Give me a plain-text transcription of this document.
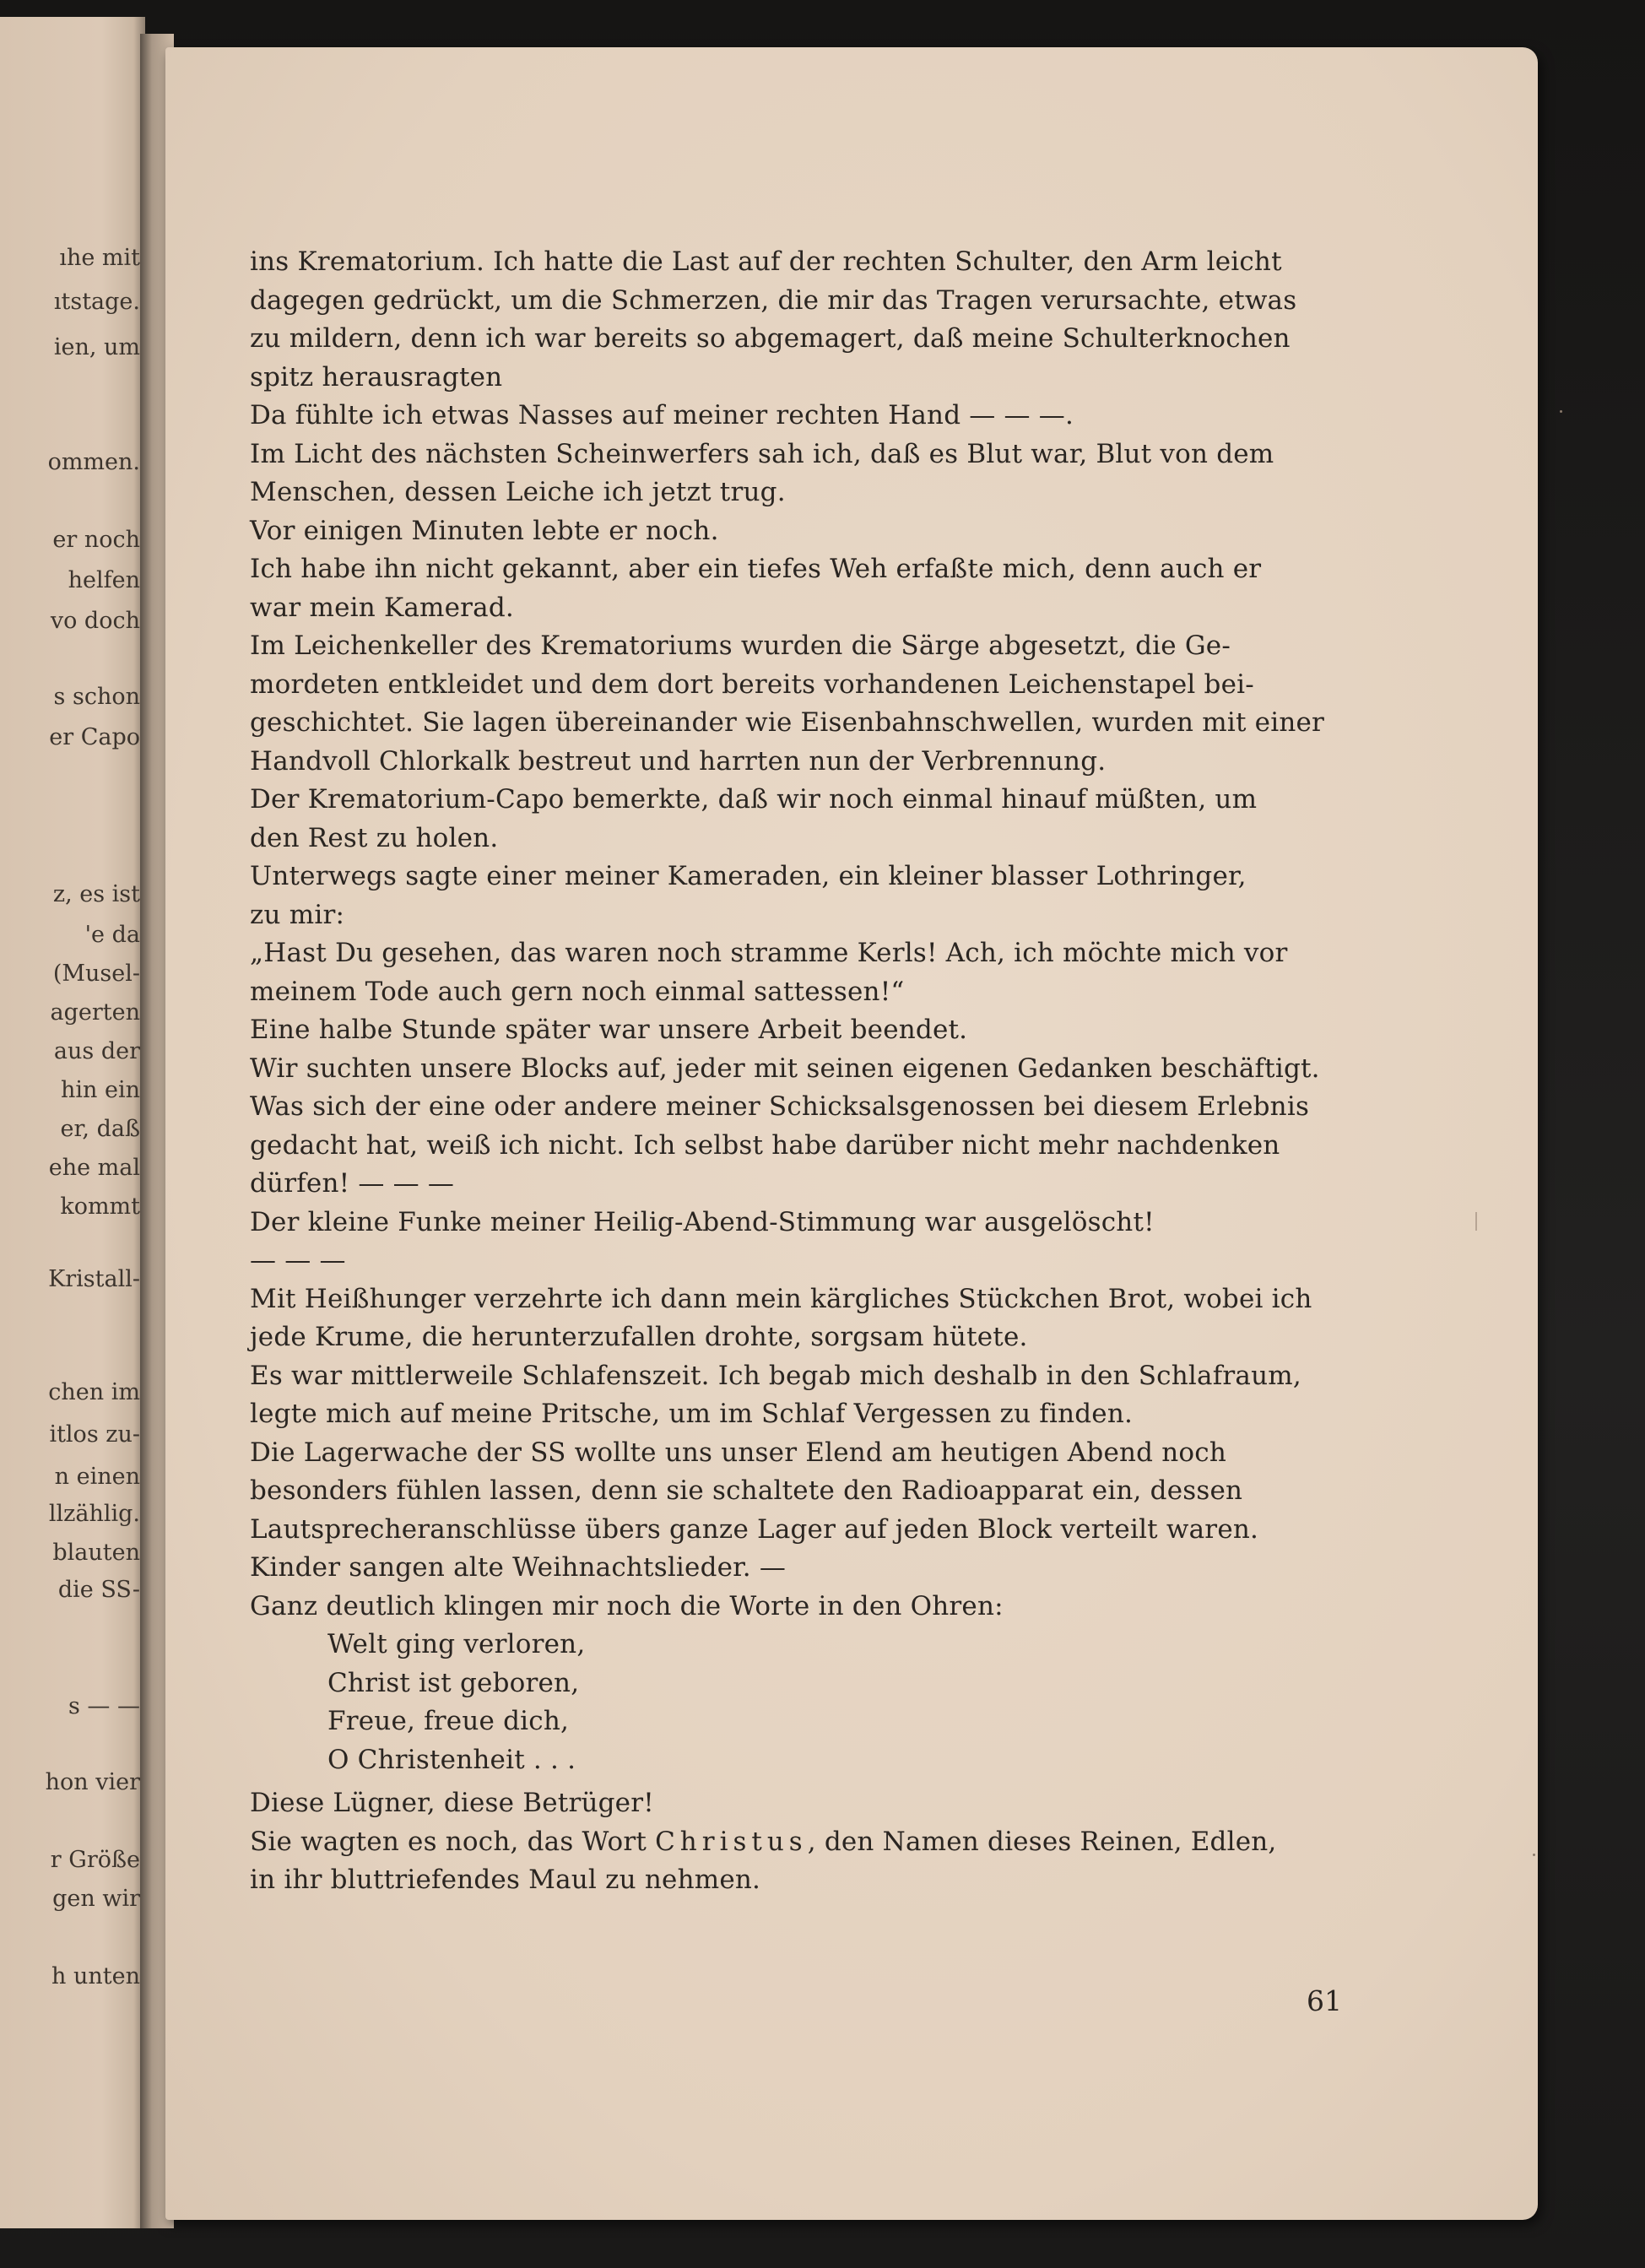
ıhe mit
ıtstage.
ien, um
ommen.
er noch
helfen
vo doch
s schon
er Capo
z, es ist
'e da
(Musel-
agerten
aus der
hin ein
er, daß
ehe mal
kommt
Kristall-
chen im
itlos zu-
n einen
llzählig.
blauten
die SS-
s — —
hon vier
r Größe
gen wir
h unten
ins Krematorium. Ich hatte die Last auf der rechten Schulter, den Arm leicht
dagegen gedrückt, um die Schmerzen, die mir das Tragen verursachte, etwas
zu mildern, denn ich war bereits so abgemagert, daß meine Schulterknochen
spitz herausragten
Da fühlte ich etwas Nasses auf meiner rechten Hand — — —.
Im Licht des nächsten Scheinwerfers sah ich, daß es Blut war, Blut von dem
Menschen, dessen Leiche ich jetzt trug.
Vor einigen Minuten lebte er noch.
Ich habe ihn nicht gekannt, aber ein tiefes Weh erfaßte mich, denn auch er
war mein Kamerad.
Im Leichenkeller des Krematoriums wurden die Särge abgesetzt, die Ge-
mordeten entkleidet und dem dort bereits vorhandenen Leichenstapel bei-
geschichtet. Sie lagen übereinander wie Eisenbahnschwellen, wurden mit einer
Handvoll Chlorkalk bestreut und harrten nun der Verbrennung.
Der Krematorium-Capo bemerkte, daß wir noch einmal hinauf müßten, um
den Rest zu holen.
Unterwegs sagte einer meiner Kameraden, ein kleiner blasser Lothringer,
zu mir:
„Hast Du gesehen, das waren noch stramme Kerls! Ach, ich möchte mich vor
meinem Tode auch gern noch einmal sattessen!“
Eine halbe Stunde später war unsere Arbeit beendet.
Wir suchten unsere Blocks auf, jeder mit seinen eigenen Gedanken beschäftigt.
Was sich der eine oder andere meiner Schicksalsgenossen bei diesem Erlebnis
gedacht hat, weiß ich nicht. Ich selbst habe darüber nicht mehr nachdenken
dürfen! — — —
Der kleine Funke meiner Heilig-Abend-Stimmung war ausgelöscht!
— — —
Mit Heißhunger verzehrte ich dann mein kärgliches Stückchen Brot, wobei ich
jede Krume, die herunterzufallen drohte, sorgsam hütete.
Es war mittlerweile Schlafenszeit. Ich begab mich deshalb in den Schlafraum,
legte mich auf meine Pritsche, um im Schlaf Vergessen zu finden.
Die Lagerwache der SS wollte uns unser Elend am heutigen Abend noch
besonders fühlen lassen, denn sie schaltete den Radioapparat ein, dessen
Lautsprecheranschlüsse übers ganze Lager auf jeden Block verteilt waren.
Kinder sangen alte Weihnachtslieder. —
Ganz deutlich klingen mir noch die Worte in den Ohren:
Welt ging verloren,
Christ ist geboren,
Freue, freue dich,
O Christenheit . . .
Diese Lügner, diese Betrüger!
Sie wagten es noch, das Wort Christus, den Namen dieses Reinen, Edlen,
in ihr bluttriefendes Maul zu nehmen.
61
